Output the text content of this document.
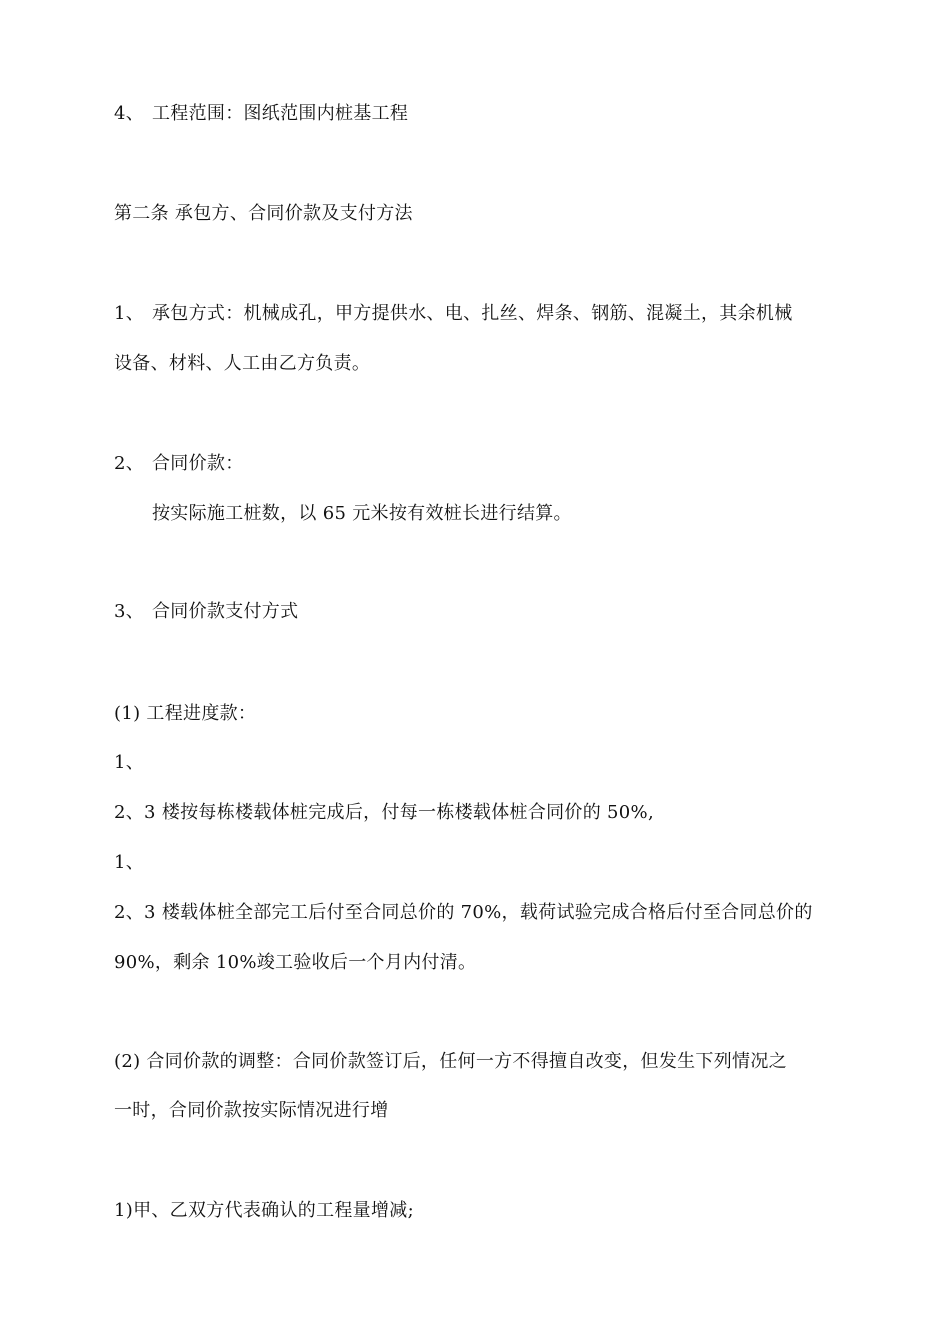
4、 工程范围：图纸范围内桩基工程
第二条 承包方、合同价款及支付方法
1、 承包方式：机械成孔，甲方提供水、电、扎丝、焊条、钢筋、混凝土，其余机械
设备、材料、人工由乙方负责。
2、 合同价款：
按实际施工桩数，以 65 元米按有效桩长进行结算。
3、 合同价款支付方式
(1) 工程进度款：
1、
2、3 楼按每栋楼载体桩完成后，付每一栋楼载体桩合同价的 50%,
1、
2、3 楼载体桩全部完工后付至合同总价的 70%，载荷试验完成合格后付至合同总价的
90%，剩余 10%竣工验收后一个月内付清。
(2) 合同价款的调整：合同价款签订后，任何一方不得擅自改变，但发生下列情况之
一时，合同价款按实际情况进行增
1)甲、乙双方代表确认的工程量增减;
